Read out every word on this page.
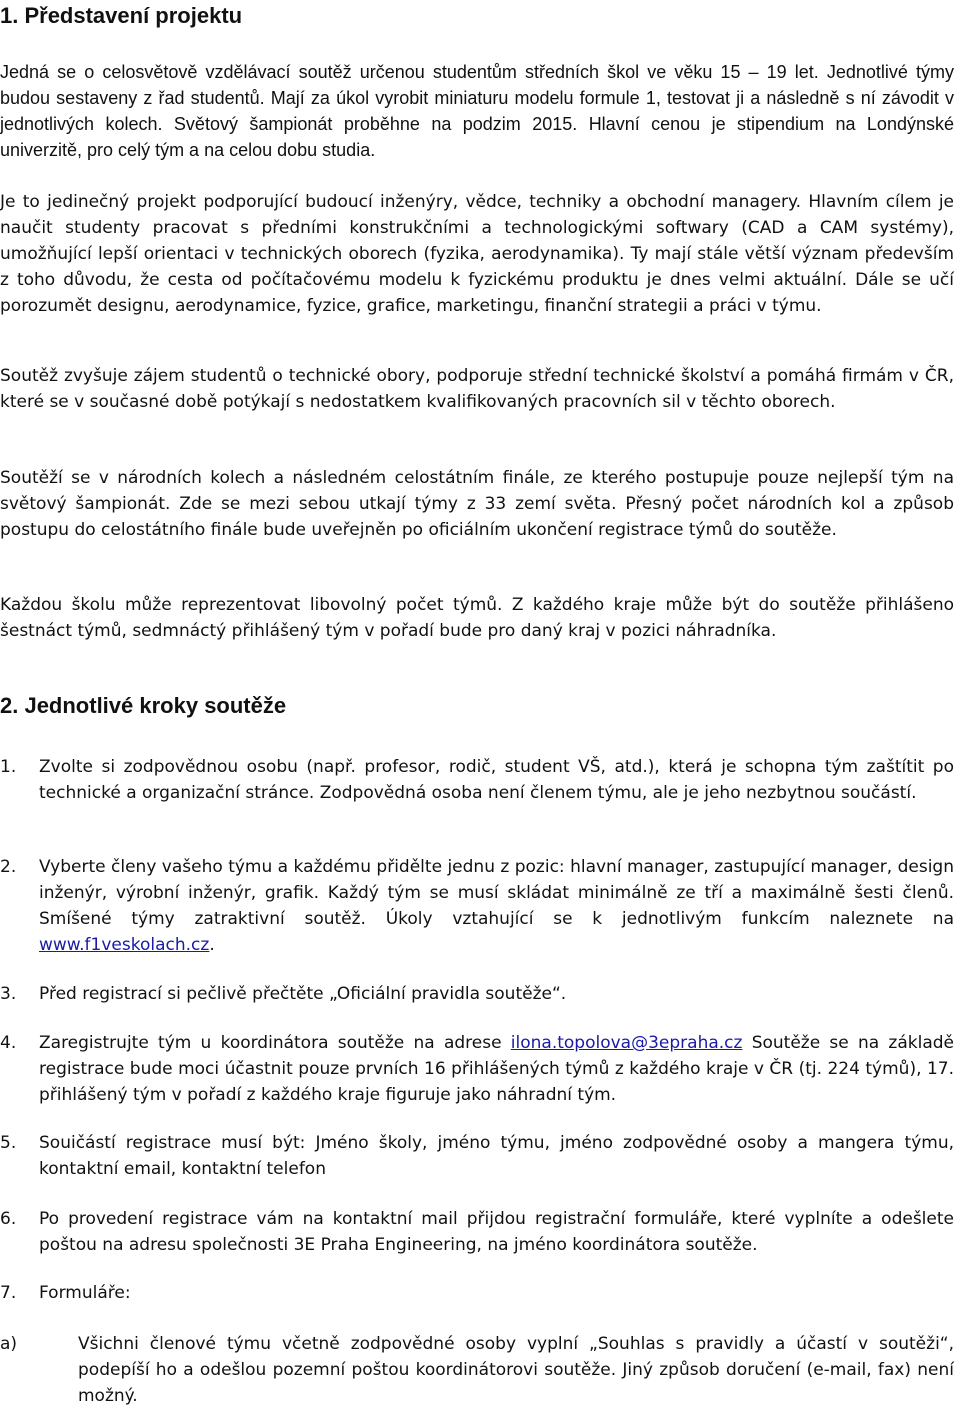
1. Představení projektu

Jedná se o celosvětově vzdělávací soutěž určenou studentům středních škol ve věku 15 – 19 let. Jednotlivé týmy budou sestaveny z řad studentů. Mají za úkol vyrobit miniaturu modelu formule 1, testovat ji a následně s ní závodit v jednotlivých kolech. Světový šampionát proběhne na podzim 2015. Hlavní cenou je stipendium na Londýnské univerzitě, pro celý tým a na celou dobu studia.

Je to jedinečný projekt podporující budoucí inženýry, vědce, techniky a obchodní managery. Hlavním cílem je naučit studenty pracovat s předními konstrukčními a technologickými softwary (CAD a CAM systémy), umožňující lepší orientaci v technických oborech (fyzika, aerodynamika). Ty mají stále větší význam především z toho důvodu, že cesta od počítačovému modelu k fyzickému produktu je dnes velmi aktuální. Dále se učí porozumět designu, aerodynamice, fyzice, grafice, marketingu, finanční strategii a práci v týmu.

Soutěž zvyšuje zájem studentů o technické obory, podporuje střední technické školství a pomáhá firmám v ČR, které se v současné době potýkají s nedostatkem kvalifikovaných pracovních sil v těchto oborech.

Soutěží se v národních kolech a následném celostátním finále, ze kterého postupuje pouze nejlepší tým na světový šampionát. Zde se mezi sebou utkají týmy z 33 zemí světa. Přesný počet národních kol a způsob postupu do celostátního finále bude uveřejněn po oficiálním ukončení registrace týmů do soutěže.

Každou školu může reprezentovat libovolný počet týmů. Z každého kraje může být do soutěže přihlášeno šestnáct týmů, sedmnáctý přihlášený tým v pořadí bude pro daný kraj v pozici náhradníka.

2. Jednotlivé kroky soutěže
1. Zvolte si zodpovědnou osobu (např. profesor, rodič, student VŠ, atd.), která je schopna tým zaštítit po technické a organizační stránce. Zodpovědná osoba není členem týmu, ale je jeho nezbytnou součástí.
2. Vyberte členy vašeho týmu a každému přidělte jednu z pozic: hlavní manager, zastupující manager, design inženýr, výrobní inženýr, grafik. Každý tým se musí skládat minimálně ze tří a maximálně šesti členů. Smíšené týmy zatraktivní soutěž. Úkoly vztahující se k jednotlivým funkcím naleznete na www.f1veskolach.cz.
3. Před registrací si pečlivě přečtěte „Oficiální pravidla soutěže“.
4. Zaregistrujte tým u koordinátora soutěže na adrese ilona.topolova@3epraha.cz Soutěže se na základě registrace bude moci účastnit pouze prvních 16 přihlášených týmů z každého kraje v ČR (tj. 224 týmů), 17. přihlášený tým v pořadí z každého kraje figuruje jako náhradní tým.
5. Souičástí registrace musí být: Jméno školy, jméno týmu, jméno zodpovědné osoby a mangera týmu, kontaktní email, kontaktní telefon
6. Po provedení registrace vám na kontaktní mail přijdou registrační formuláře, které vyplníte a odešlete poštou na adresu společnosti 3E Praha Engineering, na jméno koordinátora soutěže.
7. Formuláře:
a)	Všichni členové týmu včetně zodpovědné osoby vyplní „Souhlas s pravidly a účastí v soutěži“, podepíší ho a odešlou pozemní poštou koordinátorovi soutěže. Jiný způsob doručení (e-mail, fax) není možný.
